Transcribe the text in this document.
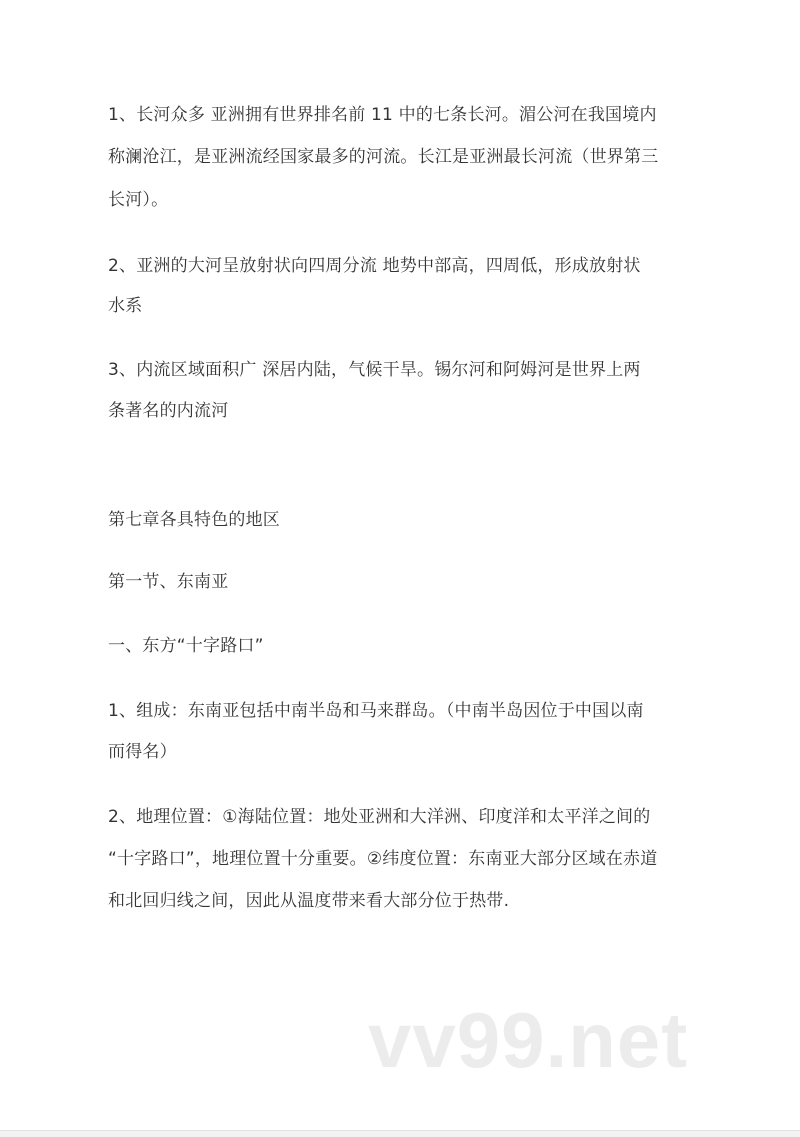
1、长河众多 亚洲拥有世界排名前 11 中的七条长河。湄公河在我国境内
称澜沧江，是亚洲流经国家最多的河流。长江是亚洲最长河流（世界第三
长河）。
2、亚洲的大河呈放射状向四周分流 地势中部高，四周低，形成放射状
水系
3、内流区域面积广 深居内陆，气候干旱。锡尔河和阿姆河是世界上两
条著名的内流河
第七章各具特色的地区
第一节、东南亚
一、东方“十字路口”
1、组成：东南亚包括中南半岛和马来群岛。（中南半岛因位于中国以南
而得名）
2、地理位置：①海陆位置：地处亚洲和大洋洲、印度洋和太平洋之间的
“十字路口”，地理位置十分重要。②纬度位置：东南亚大部分区域在赤道
和北回归线之间，因此从温度带来看大部分位于热带.
vv99.net
